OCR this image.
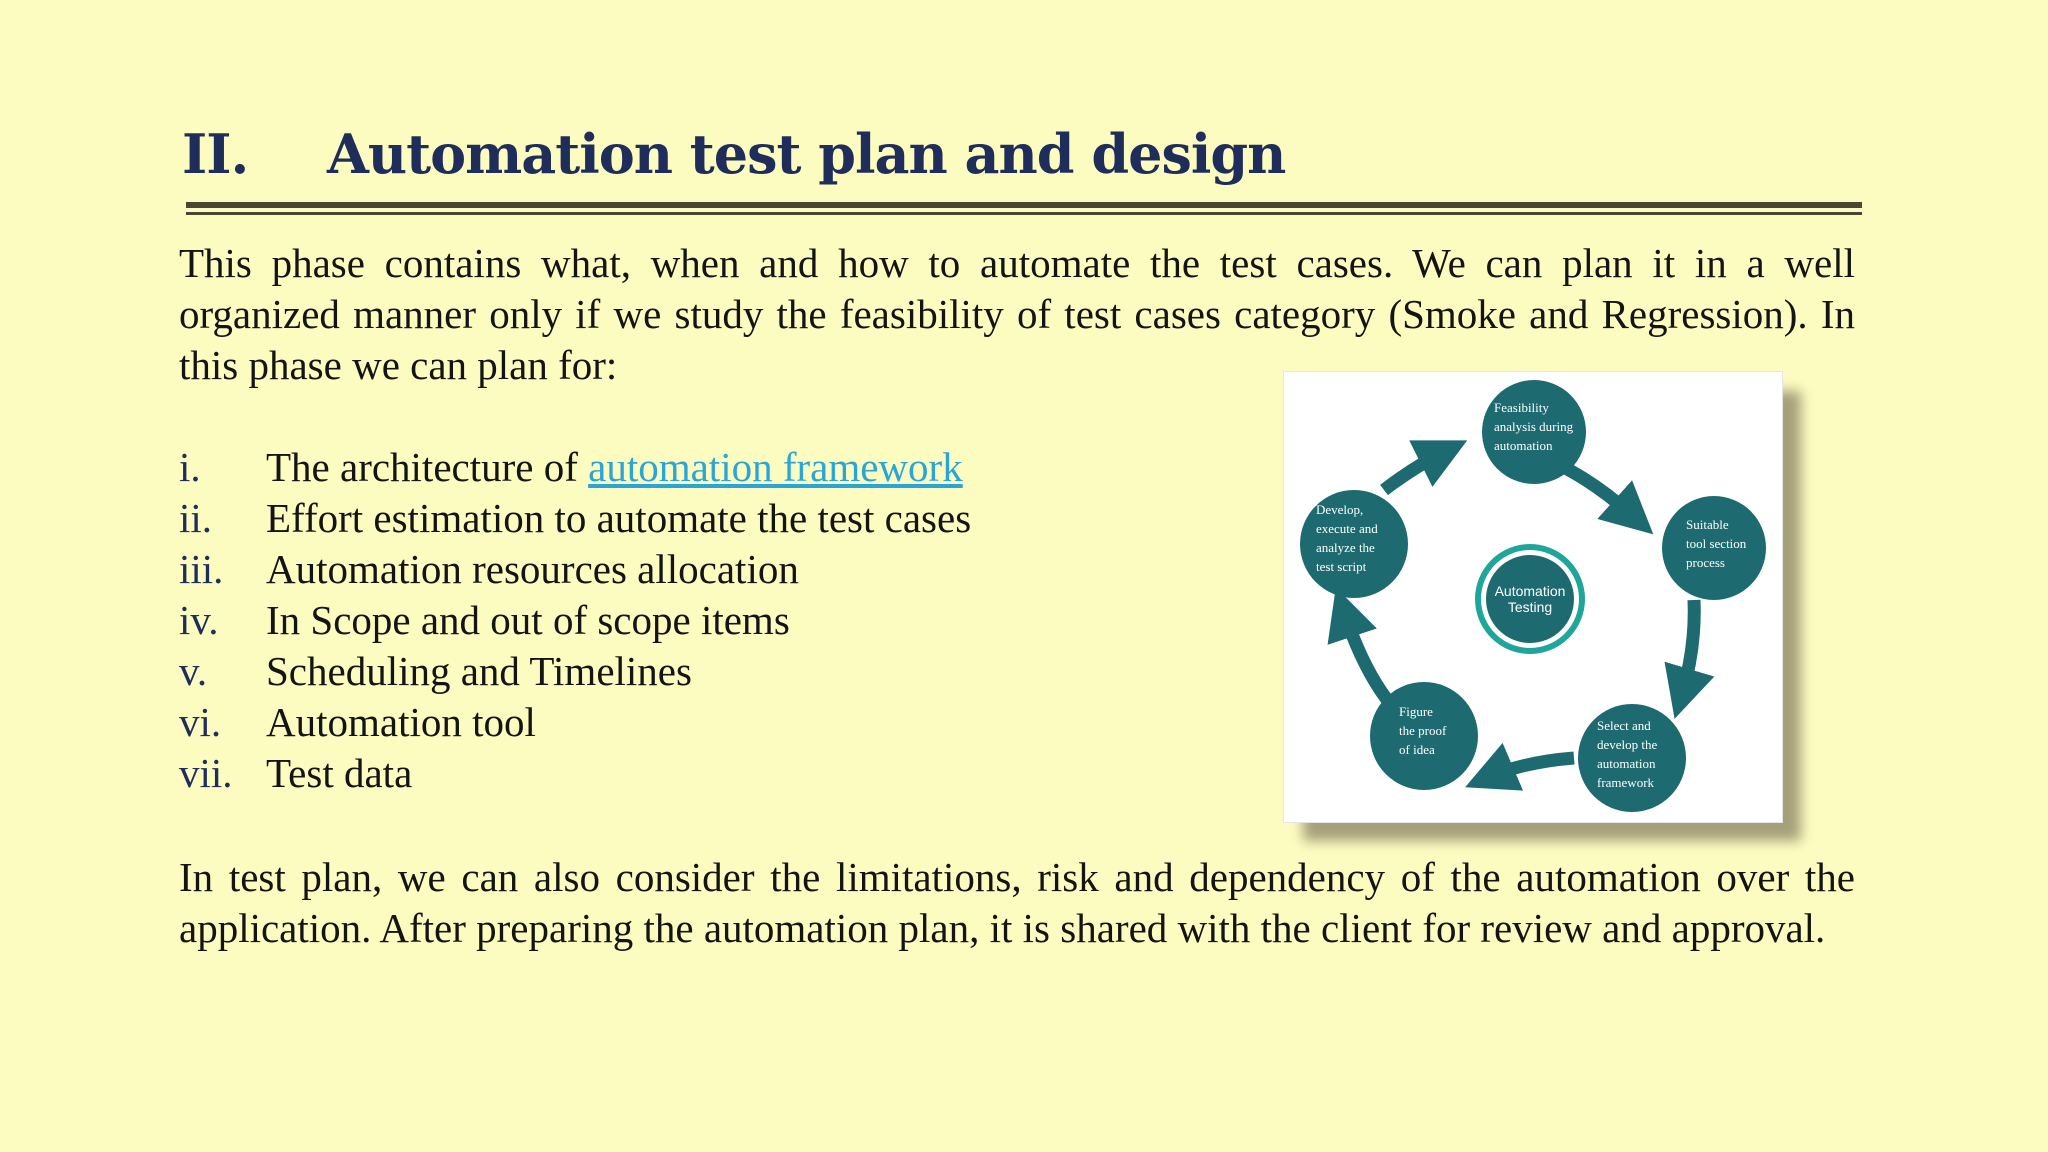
II.	Automation test plan and design
This phase contains what, when and how to automate the test cases. We can plan it in a well organized manner only if we study the feasibility of test cases category (Smoke and Regression). In this phase we can plan for:
i.	The architecture of automation framework
ii.	Effort estimation to automate the test cases
iii.	Automation resources allocation
iv.	In Scope and out of scope items
v.	Scheduling and Timelines
vi.	Automation tool
vii. Test data
Automation
Testing
Feasibility
analysis during
automation
Suitable
tool section
process
Select and
develop the
automation
framework
Figure
the proof
of idea
Develop,
execute and
analyze the
test script
In test plan, we can also consider the limitations, risk and dependency of the automation over the application. After preparing the automation plan, it is shared with the client for review and approval.
